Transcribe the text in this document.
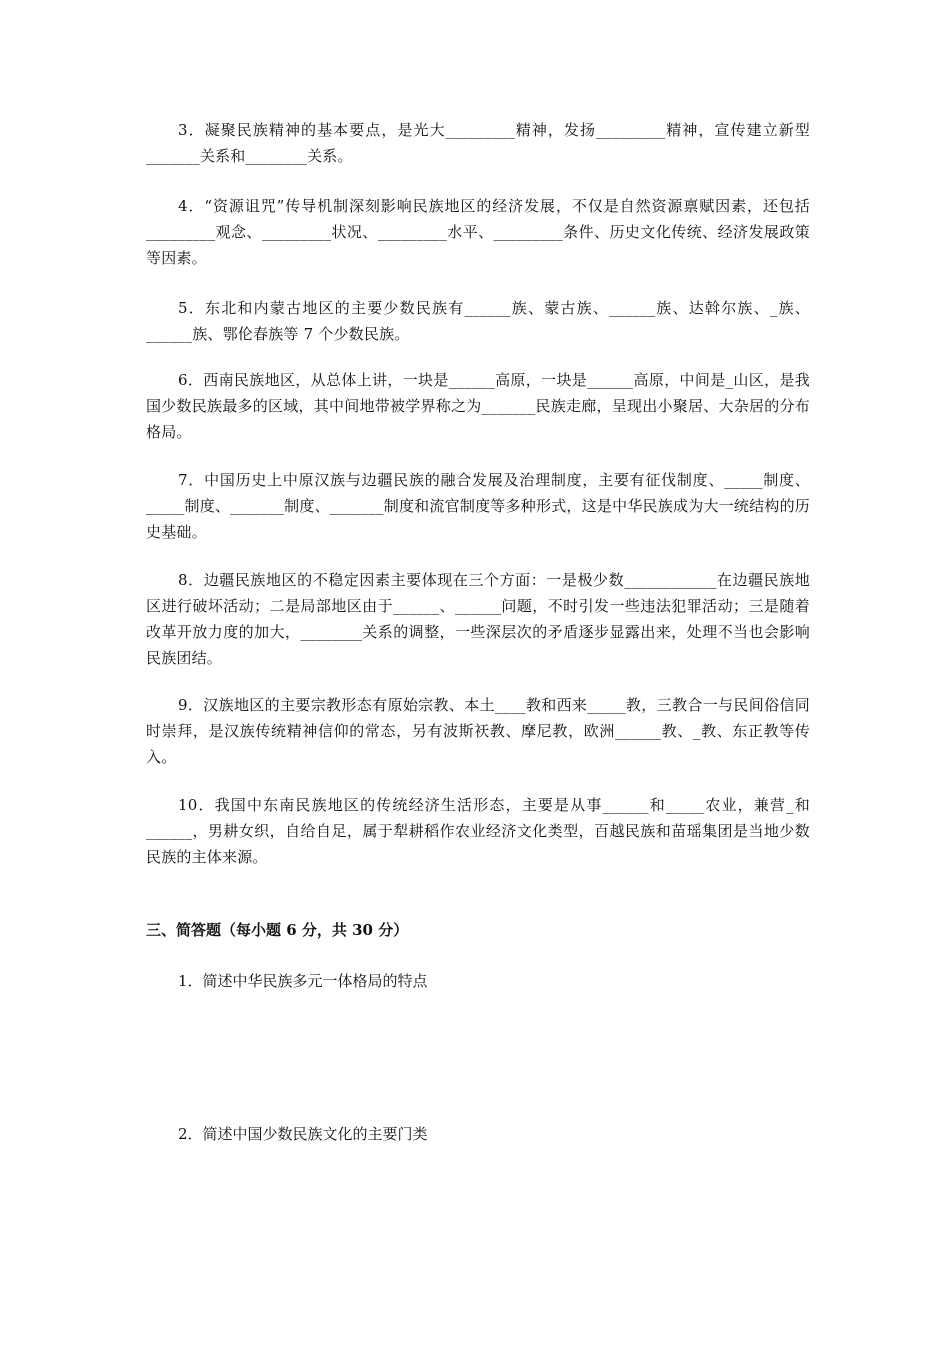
3．凝聚民族精神的基本要点，是光大_________精神，发扬_________精神，宣传建立新型_______关系和________关系。

4．“资源诅咒”传导机制深刻影响民族地区的经济发展，不仅是自然资源禀赋因素，还包括_________观念、_________状况、_________水平、_________条件、历史文化传统、经济发展政策等因素。

5．东北和内蒙古地区的主要少数民族有______族、蒙古族、______族、达斡尔族、_族、______族、鄂伦春族等 7 个少数民族。

6．西南民族地区，从总体上讲，一块是______高原，一块是______高原，中间是_山区，是我国少数民族最多的区域，其中间地带被学界称之为_______民族走廊，呈现出小聚居、大杂居的分布格局。

7．中国历史上中原汉族与边疆民族的融合发展及治理制度，主要有征伐制度、_____制度、_____制度、_______制度、_______制度和流官制度等多种形式，这是中华民族成为大一统结构的历史基础。

8．边疆民族地区的不稳定因素主要体现在三个方面：一是极少数____________在边疆民族地区进行破坏活动；二是局部地区由于______、______问题，不时引发一些违法犯罪活动；三是随着改革开放力度的加大，________关系的调整，一些深层次的矛盾逐步显露出来，处理不当也会影响民族团结。

9．汉族地区的主要宗教形态有原始宗教、本土____教和西来_____教，三教合一与民间俗信同时崇拜，是汉族传统精神信仰的常态，另有波斯祆教、摩尼教，欧洲______教、_教、东正教等传入。

10．我国中东南民族地区的传统经济生活形态，主要是从事______和_____农业，兼营_和______，男耕女织，自给自足，属于犁耕稻作农业经济文化类型，百越民族和苗瑶集团是当地少数民族的主体来源。

三、简答题（每小题 6 分，共 30 分）
1．简述中华民族多元一体格局的特点
2．简述中国少数民族文化的主要门类
